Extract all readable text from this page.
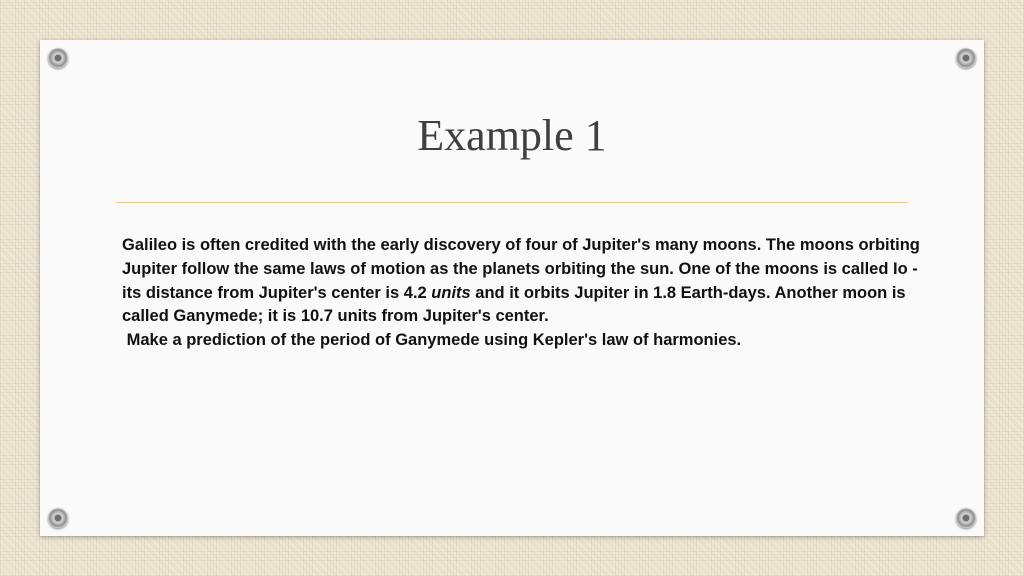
Example 1

Galileo is often credited with the early discovery of four of Jupiter's many moons. The moons orbiting Jupiter follow the same laws of motion as the planets orbiting the sun. One of the moons is called Io - its distance from Jupiter's center is 4.2 units and it orbits Jupiter in 1.8 Earth-days. Another moon is called Ganymede; it is 10.7 units from Jupiter's center.

Make a prediction of the period of Ganymede using Kepler's law of harmonies.
